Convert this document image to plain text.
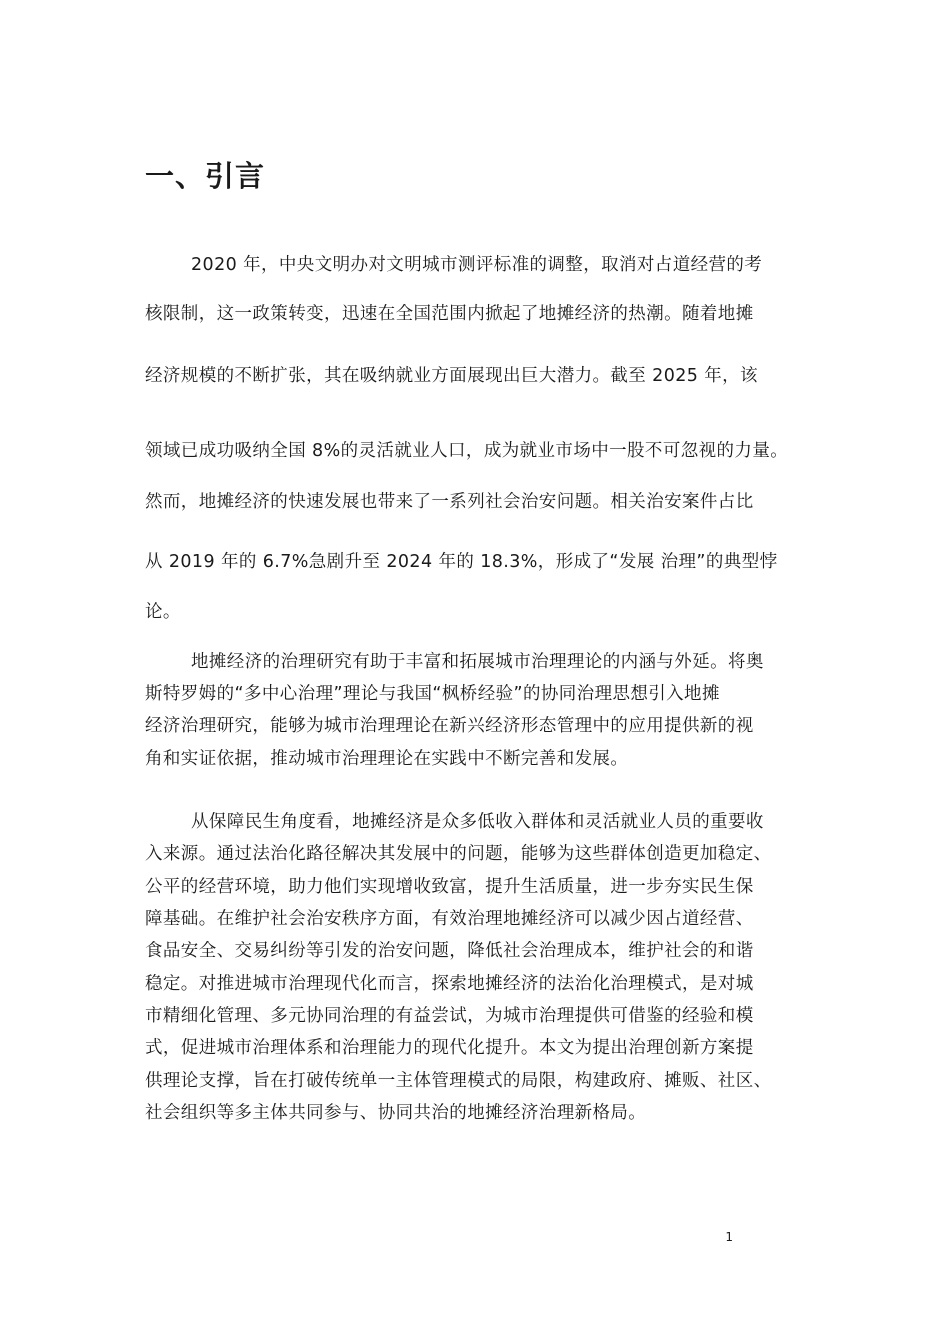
一、引言

2020 年，中央文明办对文明城市测评标准的调整，取消对占道经营的考

核限制，这一政策转变，迅速在全国范围内掀起了地摊经济的热潮。随着地摊

经济规模的不断扩张，其在吸纳就业方面展现出巨大潜力。截至 2025 年，该

领域已成功吸纳全国 8%的灵活就业人口，成为就业市场中一股不可忽视的力量。

然而，地摊经济的快速发展也带来了一系列社会治安问题。相关治安案件占比

从 2019 年的 6.7%急剧升至 2024 年的 18.3%，形成了“发展 治理”的典型悖

论。

地摊经济的治理研究有助于丰富和拓展城市治理理论的内涵与外延。将奥

斯特罗姆的“多中心治理”理论与我国“枫桥经验”的协同治理思想引入地摊

经济治理研究，能够为城市治理理论在新兴经济形态管理中的应用提供新的视

角和实证依据，推动城市治理理论在实践中不断完善和发展。

从保障民生角度看，地摊经济是众多低收入群体和灵活就业人员的重要收

入来源。通过法治化路径解决其发展中的问题，能够为这些群体创造更加稳定、

公平的经营环境，助力他们实现增收致富，提升生活质量，进一步夯实民生保

障基础。在维护社会治安秩序方面，有效治理地摊经济可以减少因占道经营、

食品安全、交易纠纷等引发的治安问题，降低社会治理成本，维护社会的和谐

稳定。对推进城市治理现代化而言，探索地摊经济的法治化治理模式，是对城

市精细化管理、多元协同治理的有益尝试，为城市治理提供可借鉴的经验和模

式，促进城市治理体系和治理能力的现代化提升。本文为提出治理创新方案提

供理论支撑，旨在打破传统单一主体管理模式的局限，构建政府、摊贩、社区、

社会组织等多主体共同参与、协同共治的地摊经济治理新格局。

1
